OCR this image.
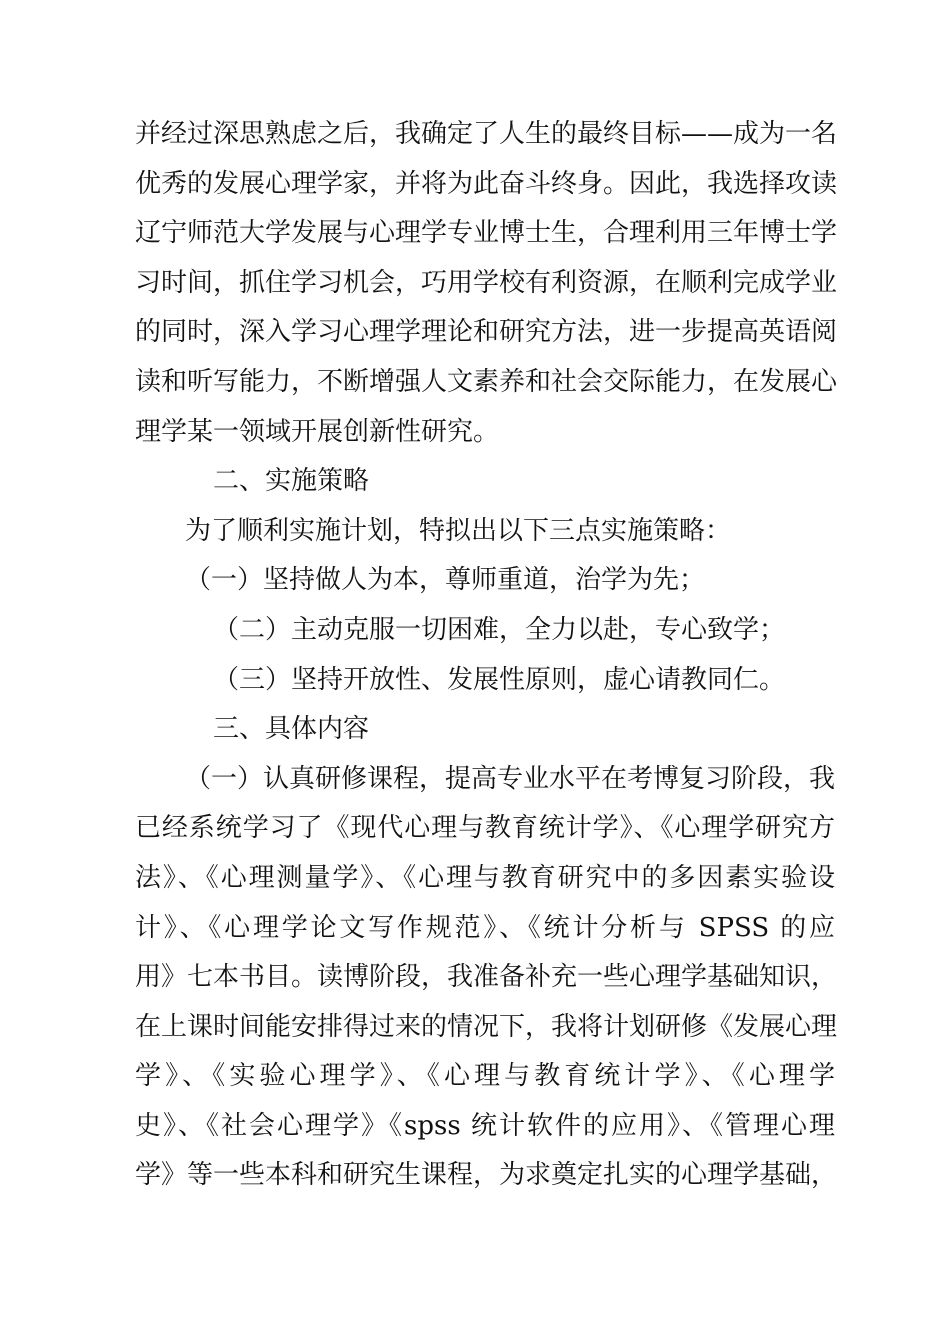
并经过深思熟虑之后，我确定了人生的最终目标——成为一名
优秀的发展心理学家，并将为此奋斗终身。因此，我选择攻读
辽宁师范大学发展与心理学专业博士生，合理利用三年博士学
习时间，抓住学习机会，巧用学校有利资源，在顺利完成学业
的同时，深入学习心理学理论和研究方法，进一步提高英语阅
读和听写能力，不断增强人文素养和社会交际能力，在发展心
理学某一领域开展创新性研究。
二、实施策略
为了顺利实施计划，特拟出以下三点实施策略：
（一）坚持做人为本，尊师重道，治学为先；
（二）主动克服一切困难，全力以赴，专心致学；
（三）坚持开放性、发展性原则，虚心请教同仁。
三、具体内容
（一）认真研修课程，提高专业水平在考博复习阶段，我
已经系统学习了《现代心理与教育统计学》、《心理学研究方
法》、《心理测量学》、《心理与教育研究中的多因素实验设
计》、《心理学论文写作规范》、《统计分析与 SPSS 的应
用》七本书目。读博阶段，我准备补充一些心理学基础知识，
在上课时间能安排得过来的情况下，我将计划研修《发展心理
学》、《实验心理学》、《心理与教育统计学》、《心理学
史》、《社会心理学》《spss 统计软件的应用》、《管理心理
学》等一些本科和研究生课程，为求奠定扎实的心理学基础，
